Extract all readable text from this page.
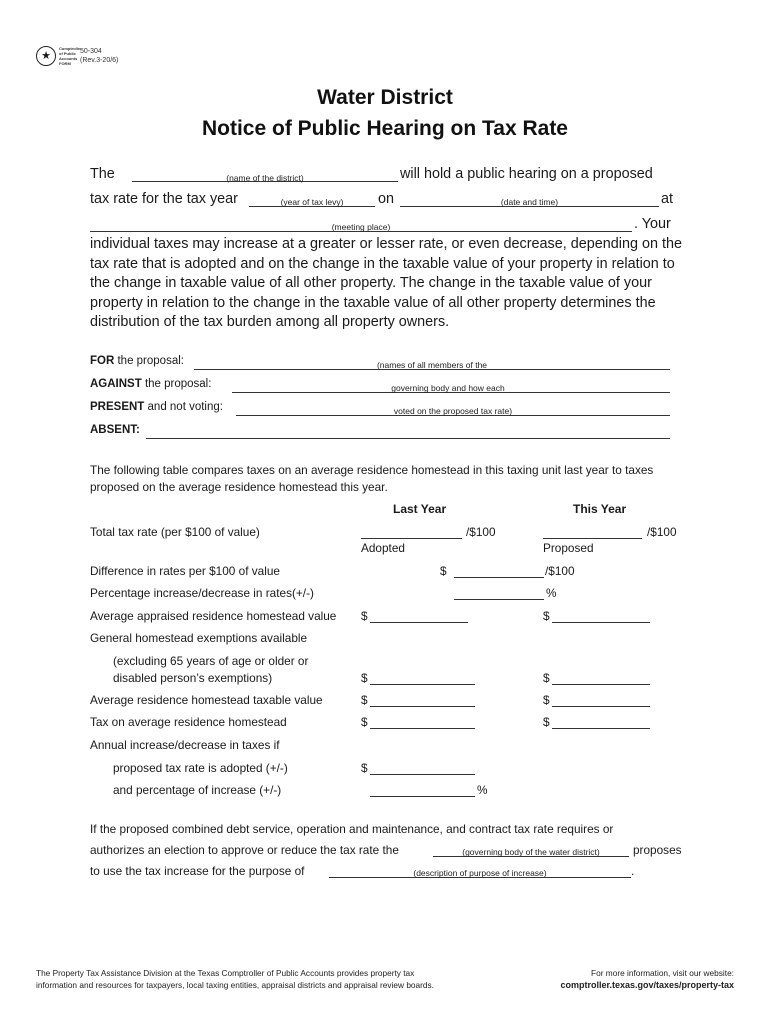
★
Comptroller
of Public
Accounts
FORM
50-304
(Rev.3-20/6)
Water District
Notice of Public Hearing on Tax Rate
The	(name of the district)	will hold a public hearing on a proposed
tax rate for the tax year	(year of tax levy)	on	(date and time)	at
(meeting place)	. Your
individual taxes may increase at a greater or lesser rate, or even decrease, depending on the tax rate that is adopted and on the change in the taxable value of your property in relation to the change in taxable value of all other property. The change in the taxable value of your property in relation to the change in the taxable value of all other property determines the distribution of the tax burden among all property owners.
FOR the proposal:	(names of all members of the
AGAINST the proposal:	governing body and how each
PRESENT and not voting:	voted on the proposed tax rate)
ABSENT:
The following table compares taxes on an average residence homestead in this taxing unit last year to taxes proposed on the average residence homestead this year.
Last Year	This Year
Total tax rate (per $100 of value)	/$100	/$100
Adopted	Proposed
Difference in rates per $100 of value	$	/$100
Percentage increase/decrease in rates(+/-)	%
Average appraised residence homestead value $	$
General homestead exemptions available
(excluding 65 years of age or older or
disabled person’s exemptions)	$	$
Average residence homestead taxable value	$	$
Tax on average residence homestead	$	$
Annual increase/decrease in taxes if
proposed tax rate is adopted (+/-)	$
and percentage of increase (+/-)	%
If the proposed combined debt service, operation and maintenance, and contract tax rate requires or
authorizes an election to approve or reduce the tax rate the	(governing body of the water district)	proposes
to use the tax increase for the purpose of	(description of purpose of increase)	.
The Property Tax Assistance Division at the Texas Comptroller of Public Accounts provides property tax
information and resources for taxpayers, local taxing entities, appraisal districts and appraisal review boards.
For more information, visit our website:
comptroller.texas.gov/taxes/property-tax
